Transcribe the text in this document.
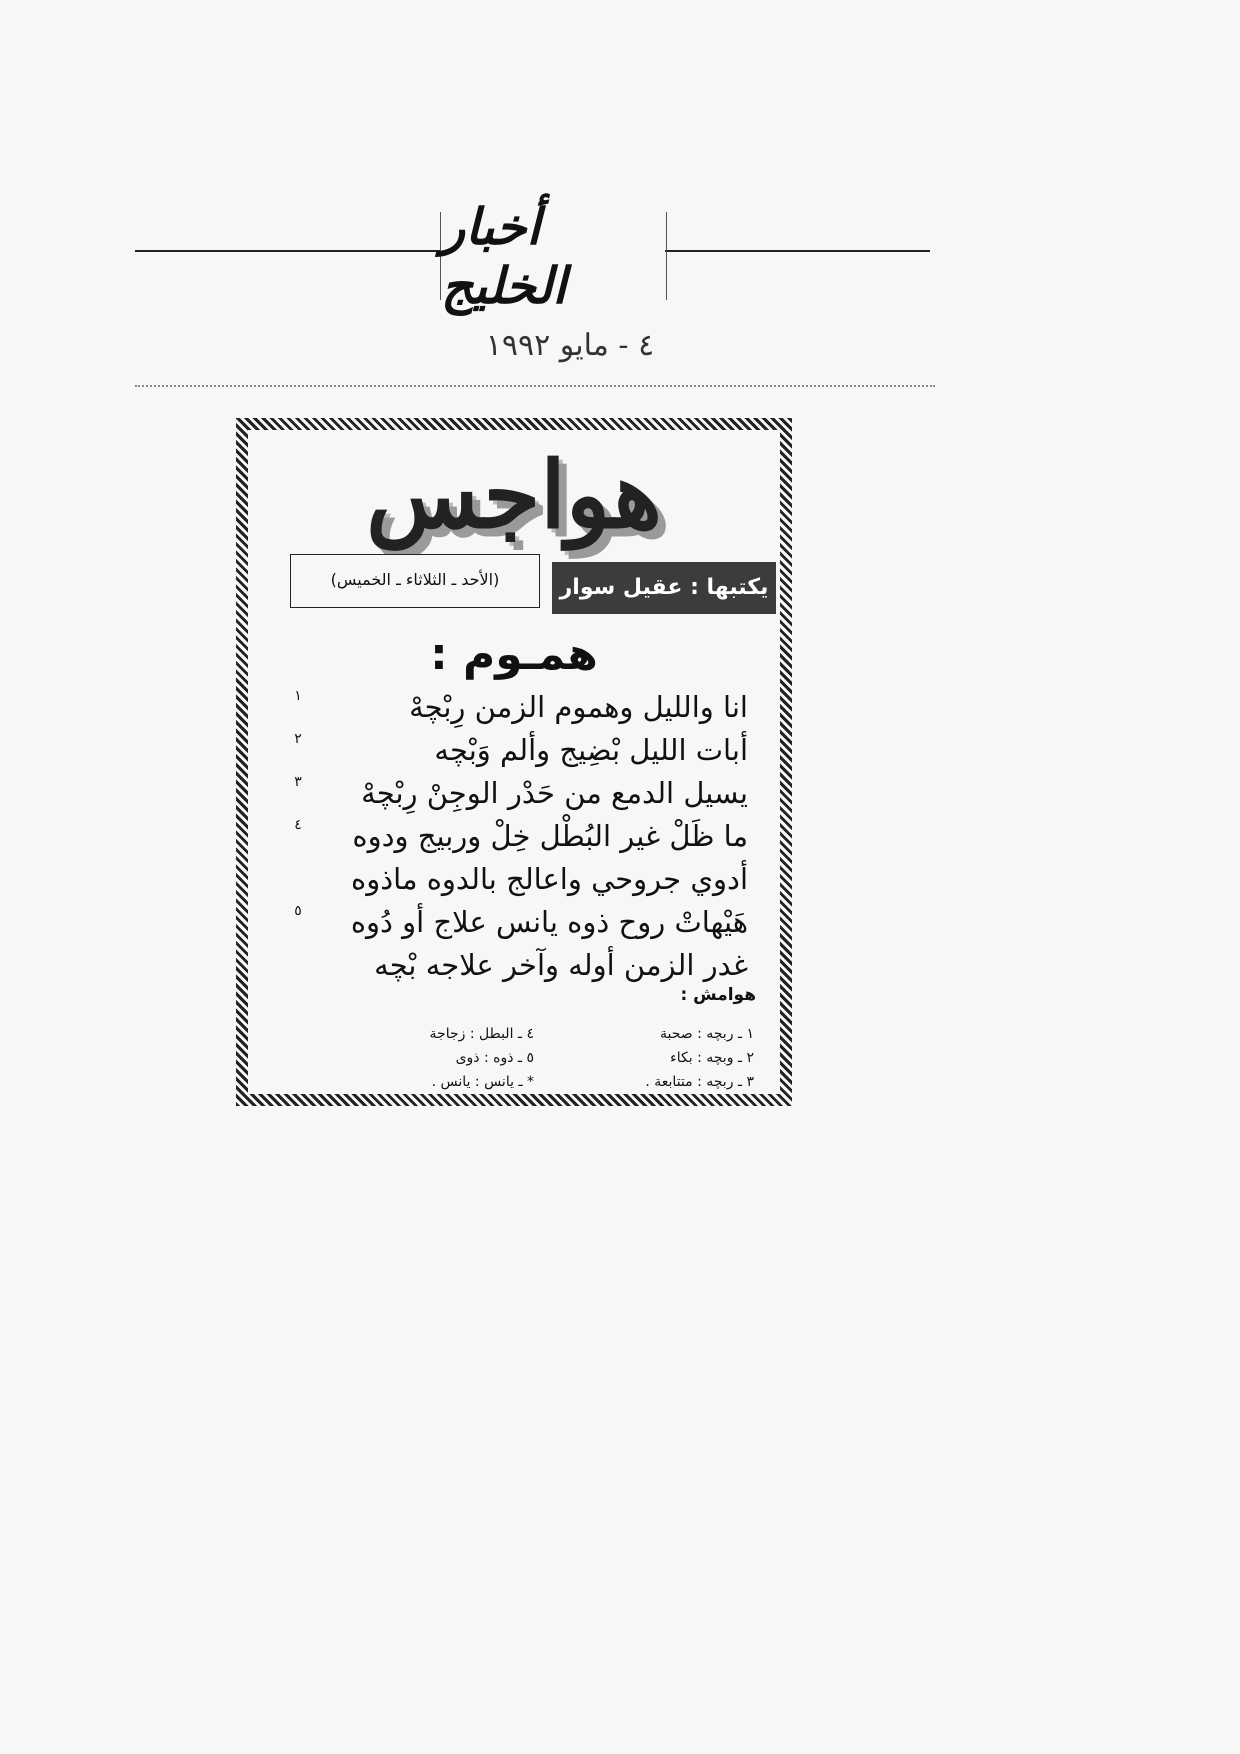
أخبار الخليج
٤ - مايو ١٩٩٢
هواجس
يكتبها : عقيل سوار
(الأحد ـ الثلاثاء ـ الخميس)
همـوم :
انا والليل وهموم الزمن رِبْچهْ
١
أبات الليل بْضِيج وألم وَبْچه
٢
يسيل الدمع من حَدْر الوجِنْ رِبْچهْ
٣
ما ظَلْ غير البُطْل خِلْ وربيج ودوه
٤
أدوي جروحي واعالج بالدوه ماذوه
هَيْهاتْ روح ذوه يانس علاج أو دُوه
٥
غدر الزمن أوله وآخر علاجه بْچه
هوامش :
١ ـ ربچه : صحبة
٤ ـ البطل : زجاجة
٢ ـ وبچه : بكاء
٥ ـ ذوه : ذوى
٣ ـ ربچه : متتابعة .
* ـ يانس : يانس .
